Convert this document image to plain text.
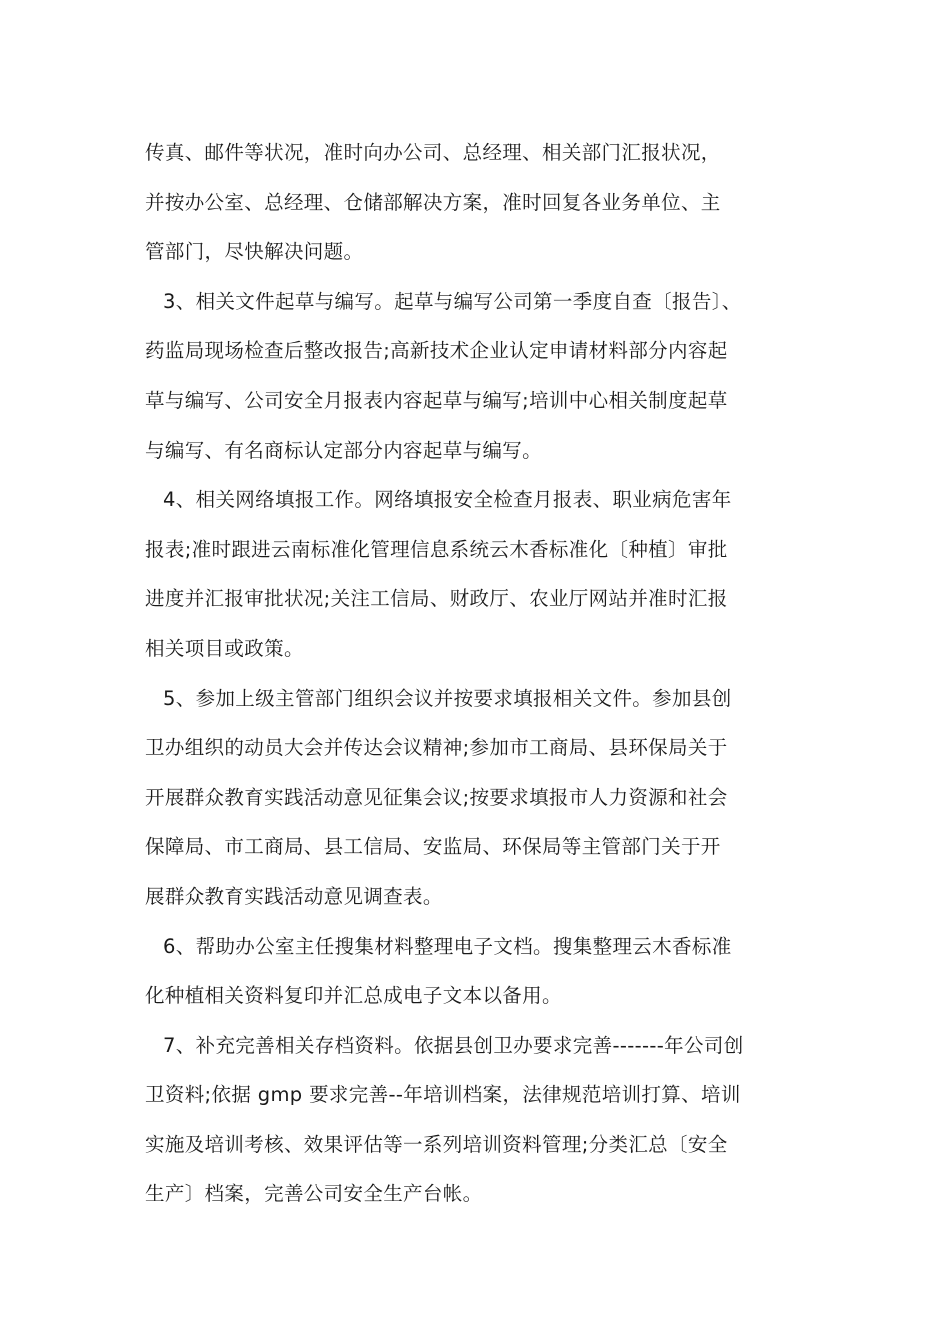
传真、邮件等状况，准时向办公司、总经理、相关部门汇报状况，
并按办公室、总经理、仓储部解决方案，准时回复各业务单位、主
管部门，尽快解决问题。
3、相关文件起草与编写。起草与编写公司第一季度自查〔报告〕、
药监局现场检查后整改报告;高新技术企业认定申请材料部分内容起
草与编写、公司安全月报表内容起草与编写;培训中心相关制度起草
与编写、有名商标认定部分内容起草与编写。
4、相关网络填报工作。网络填报安全检查月报表、职业病危害年
报表;准时跟进云南标准化管理信息系统云木香标准化〔种植〕审批
进度并汇报审批状况;关注工信局、财政厅、农业厅网站并准时汇报
相关项目或政策。
5、参加上级主管部门组织会议并按要求填报相关文件。参加县创
卫办组织的动员大会并传达会议精神;参加市工商局、县环保局关于
开展群众教育实践活动意见征集会议;按要求填报市人力资源和社会
保障局、市工商局、县工信局、安监局、环保局等主管部门关于开
展群众教育实践活动意见调查表。
6、帮助办公室主任搜集材料整理电子文档。搜集整理云木香标准
化种植相关资料复印并汇总成电子文本以备用。
7、补充完善相关存档资料。依据县创卫办要求完善-------年公司创
卫资料;依据 gmp 要求完善--年培训档案，法律规范培训打算、培训
实施及培训考核、效果评估等一系列培训资料管理;分类汇总〔安全
生产〕档案，完善公司安全生产台帐。
